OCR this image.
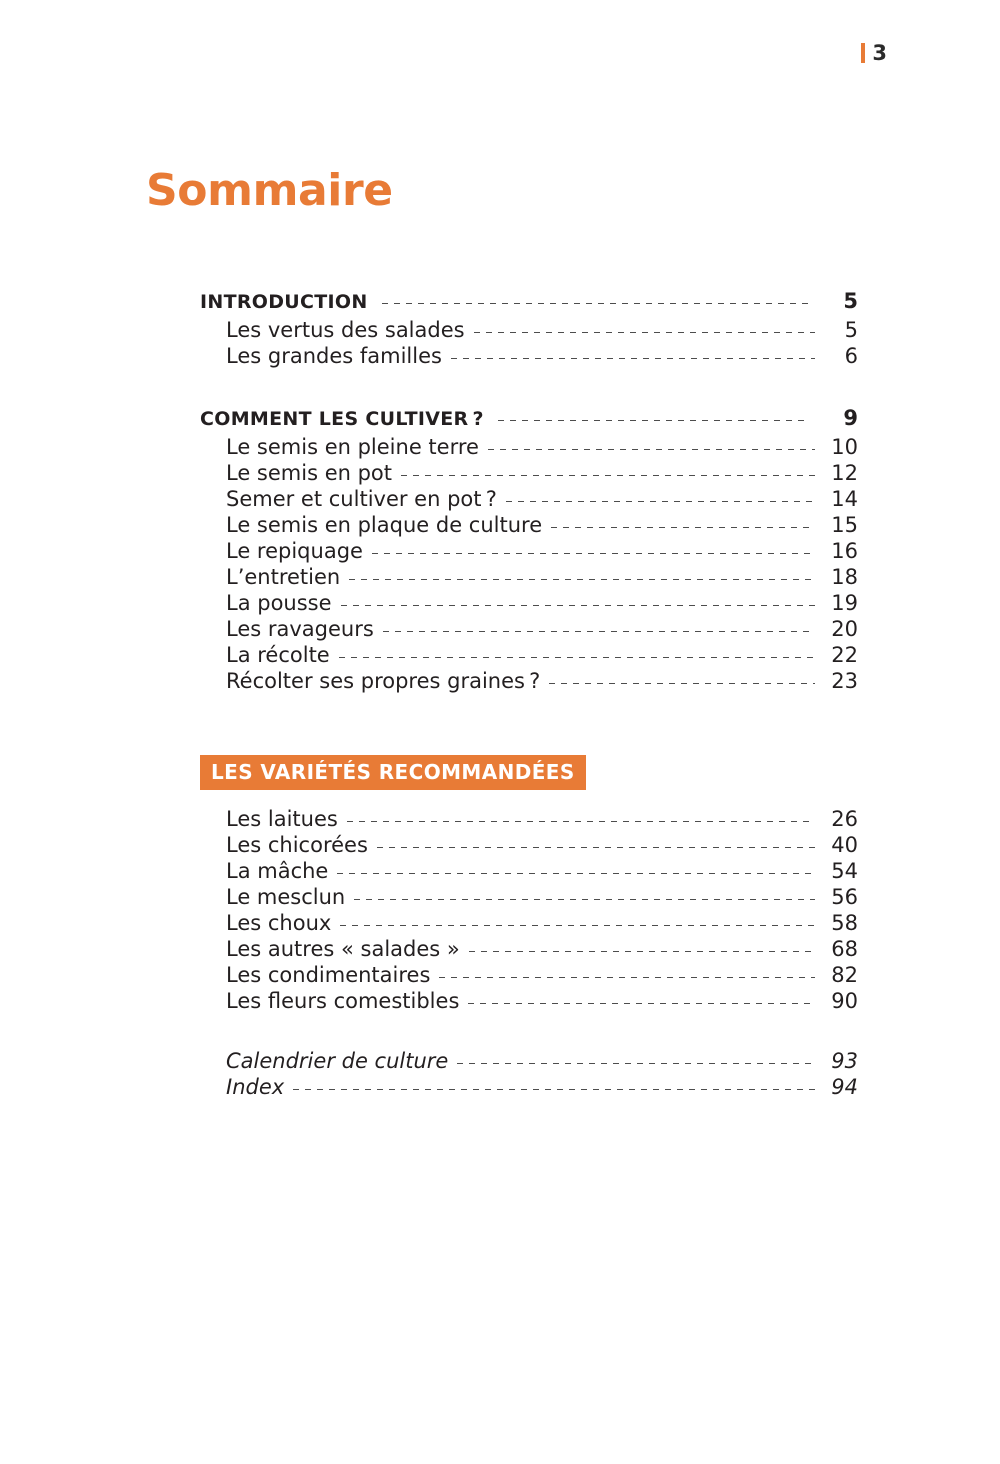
3
Sommaire
INTRODUCTION	5
Les vertus des salades	5
Les grandes familles	6
COMMENT LES CULTIVER ?	9
Le semis en pleine terre	10
Le semis en pot	12
Semer et cultiver en pot ?	14
Le semis en plaque de culture	15
Le repiquage	16
L’entretien	18
La pousse	19
Les ravageurs	20
La récolte	22
Récolter ses propres graines ?	23
LES VARIÉTÉS RECOMMANDÉES
Les laitues	26
Les chicorées	40
La mâche	54
Le mesclun	56
Les choux	58
Les autres « salades »	68
Les condimentaires	82
Les fleurs comestibles	90
Calendrier de culture	93
Index	94
